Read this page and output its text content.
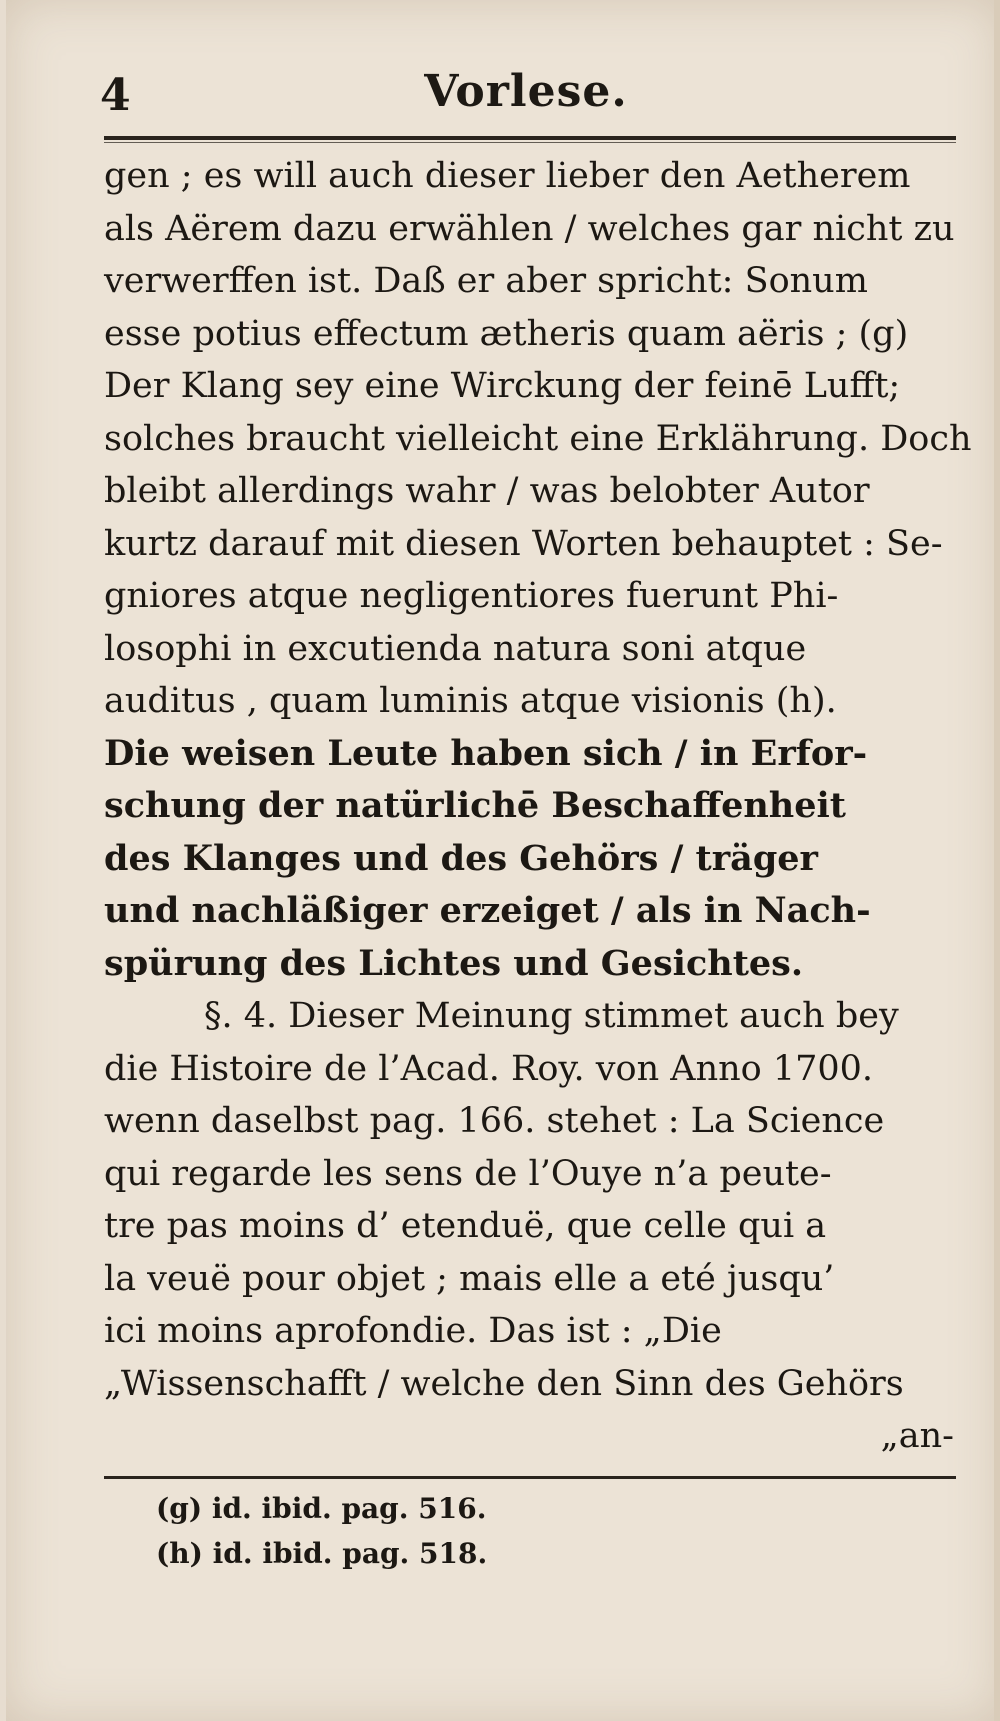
4	Vorlese.
gen ; es will auch dieser lieber den Aetherem
als Aërem dazu erwählen / welches gar nicht zu
verwerffen ist. Daß er aber spricht: Sonum
esse potius effectum ætheris quam aëris ; (g)
Der Klang sey eine Wirckung der feinē Lufft;
solches braucht vielleicht eine Erklährung. Doch
bleibt allerdings wahr / was belobter Autor
kurtz darauf mit diesen Worten behauptet : Se-
gniores atque negligentiores fuerunt Phi-
losophi in excutienda natura soni atque
auditus , quam luminis atque visionis (h).
Die weisen Leute haben sich / in Erfor-
schung der natürlichē Beschaffenheit
des Klanges und des Gehörs / träger
und nachläßiger erzeiget / als in Nach-
spürung des Lichtes und Gesichtes.
§. 4. Dieser Meinung stimmet auch bey
die Histoire de l’Acad. Roy. von Anno 1700.
wenn daselbst pag. 166. stehet : La Science
qui regarde les sens de l’Ouye n’a peute-
tre pas moins d’ etenduë, que celle qui a
la veuë pour objet ; mais elle a eté jusqu’
ici moins aprofondie. Das ist : „Die
„Wissenschafft / welche den Sinn des Gehörs
„an-
(g) id. ibid. pag. 516.
(h) id. ibid. pag. 518.
